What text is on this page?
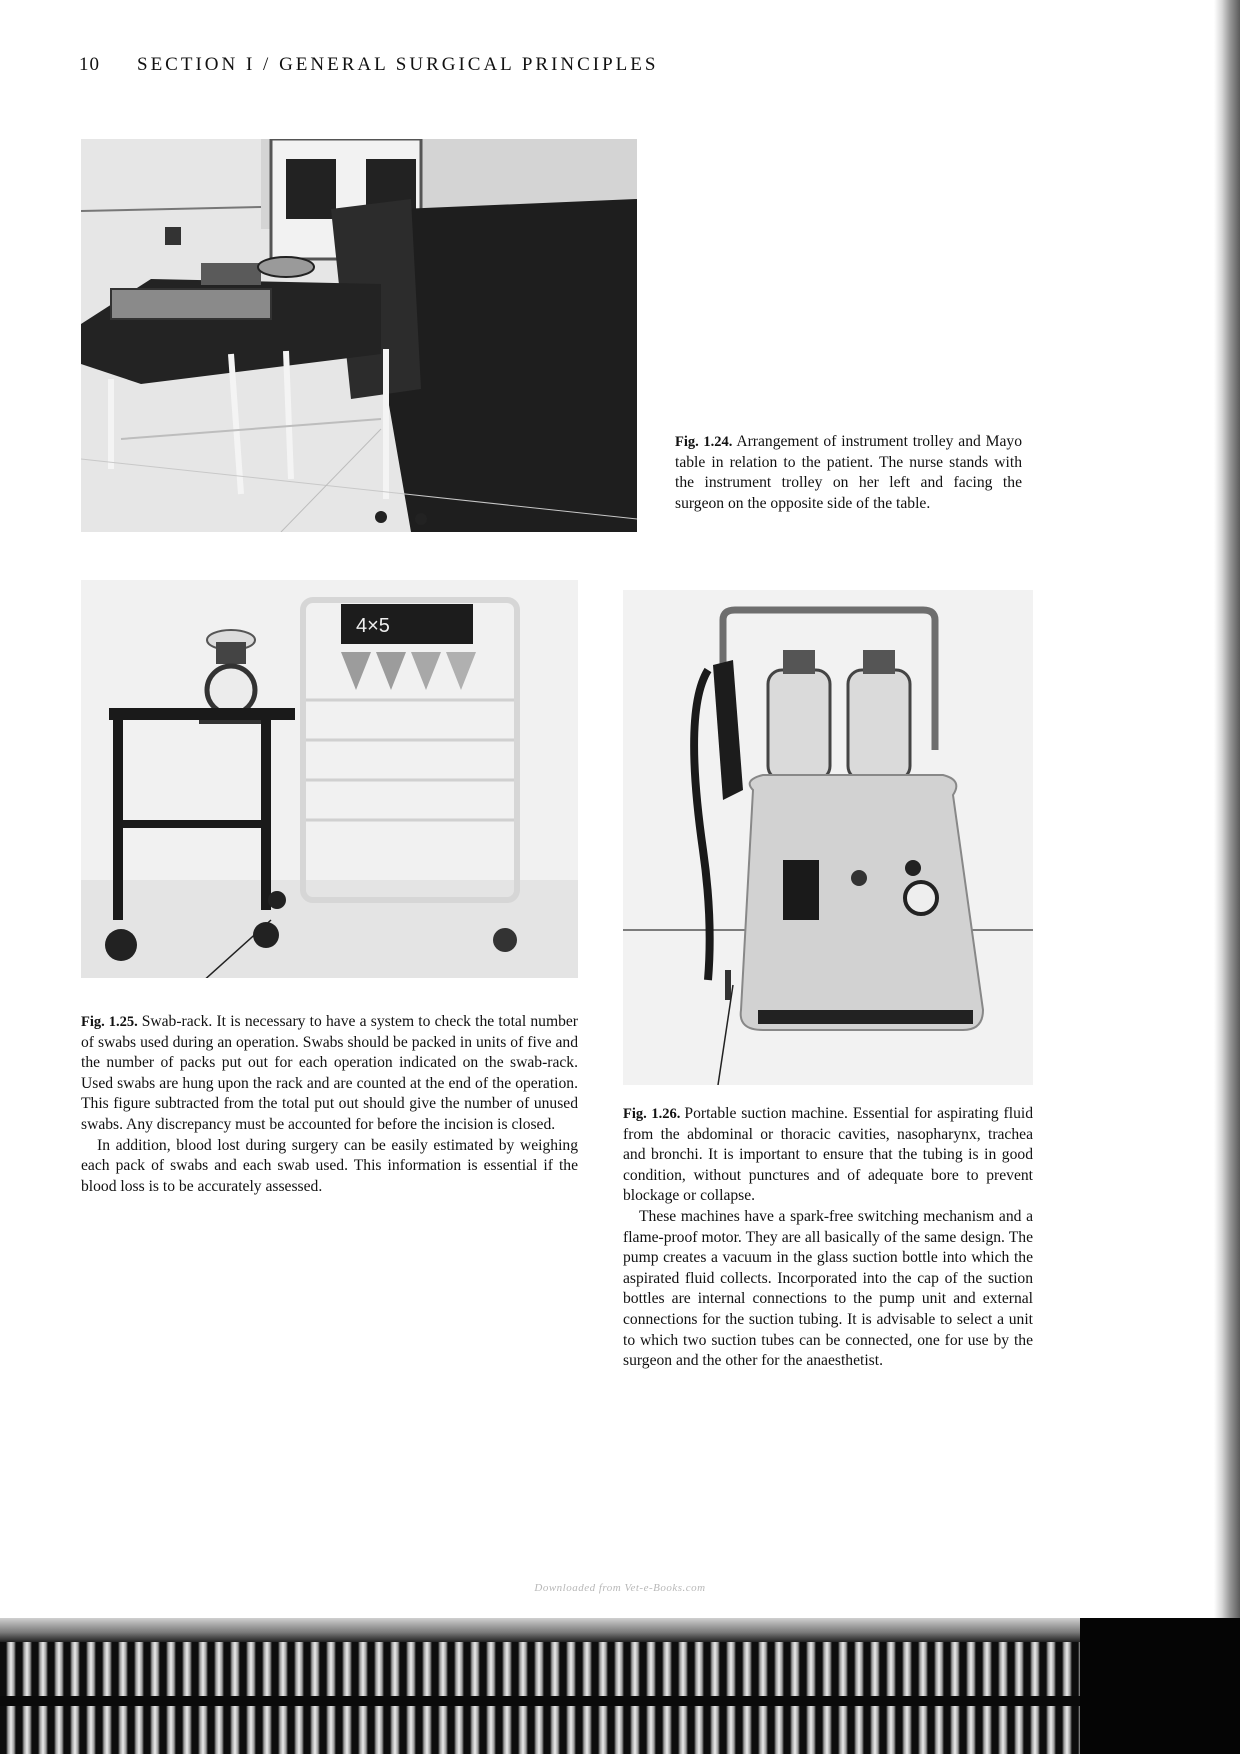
10 SECTION I / GENERAL SURGICAL PRINCIPLES

Fig. 1.24. Arrangement of instrument trolley and Mayo table in relation to the patient. The nurse stands with the instrument trolley on her left and facing the surgeon on the opposite side of the table.

4×5

Fig. 1.25. Swab-rack. It is necessary to have a system to check the total number of swabs used during an operation. Swabs should be packed in units of five and the number of packs put out for each operation indicated on the swab-rack. Used swabs are hung upon the rack and are counted at the end of the operation. This figure subtracted from the total put out should give the number of unused swabs. Any discrepancy must be accounted for before the incision is closed.

In addition, blood lost during surgery can be easily estimated by weighing each pack of swabs and each swab used. This information is essential if the blood loss is to be accurately assessed.

Fig. 1.26. Portable suction machine. Essential for aspirating fluid from the abdominal or thoracic cavities, nasopharynx, trachea and bronchi. It is important to ensure that the tubing is in good condition, without punctures and of adequate bore to prevent blockage or collapse.

These machines have a spark-free switching mechanism and a flame-proof motor. They are all basically of the same design. The pump creates a vacuum in the glass suction bottle into which the aspirated fluid collects. Incorporated into the cap of the suction bottles are internal connections to the pump unit and external connections for the suction tubing. It is advisable to select a unit to which two suction tubes can be connected, one for use by the surgeon and the other for the anaesthetist.

Downloaded from Vet-e-Books.com
